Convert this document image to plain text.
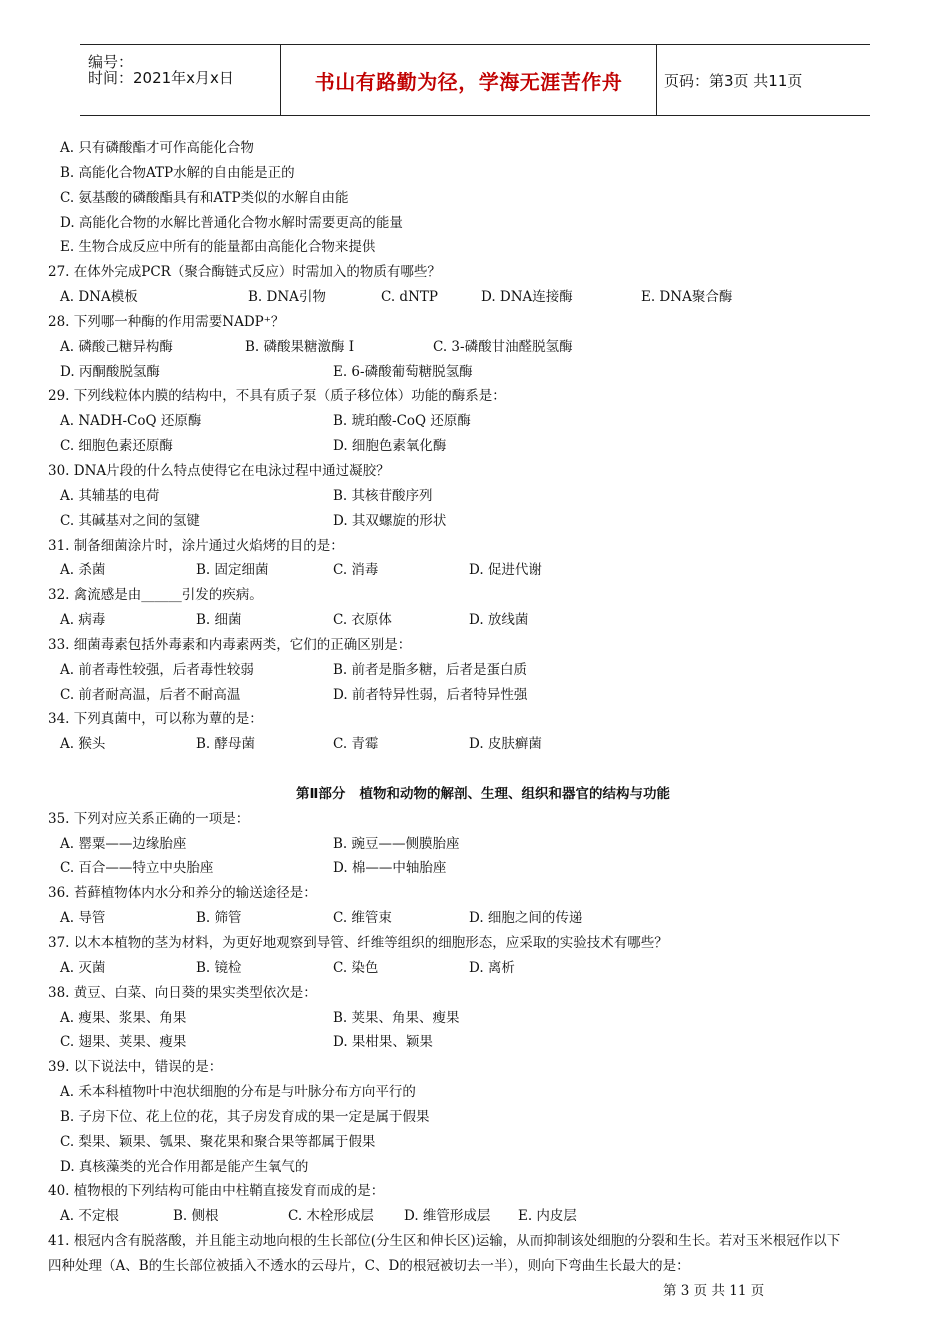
编号：
时间：2021年x月x日	书山有路勤为径，学海无涯苦作舟	页码：第3页 共11页
A. 只有磷酸酯才可作高能化合物
B. 高能化合物ATP水解的自由能是正的
C. 氨基酸的磷酸酯具有和ATP类似的水解自由能
D. 高能化合物的水解比普通化合物水解时需要更高的能量
E. 生物合成反应中所有的能量都由高能化合物来提供
27. 在体外完成PCR（聚合酶链式反应）时需加入的物质有哪些？
A. DNA模板	B. DNA引物	C. dNTP	D. DNA连接酶	E. DNA聚合酶
28. 下列哪一种酶的作用需要NADP⁺？
A. 磷酸己糖异构酶	B. 磷酸果糖激酶 I	C. 3-磷酸甘油醛脱氢酶
D. 丙酮酸脱氢酶	E. 6-磷酸葡萄糖脱氢酶
29. 下列线粒体内膜的结构中，不具有质子泵（质子移位体）功能的酶系是：
A. NADH-CoQ 还原酶	B. 琥珀酸-CoQ 还原酶
C. 细胞色素还原酶	D. 细胞色素氧化酶
30. DNA片段的什么特点使得它在电泳过程中通过凝胶？
A. 其辅基的电荷	B. 其核苷酸序列
C. 其碱基对之间的氢键	D. 其双螺旋的形状
31. 制备细菌涂片时，涂片通过火焰烤的目的是：
A. 杀菌	B. 固定细菌	C. 消毒	D. 促进代谢
32. 禽流感是由______引发的疾病。
A. 病毒	B. 细菌	C. 衣原体	D. 放线菌
33. 细菌毒素包括外毒素和内毒素两类，它们的正确区别是：
A. 前者毒性较强，后者毒性较弱	B. 前者是脂多糖，后者是蛋白质
C. 前者耐高温，后者不耐高温	D. 前者特异性弱，后者特异性强
34. 下列真菌中，可以称为蕈的是：
A. 猴头	B. 酵母菌	C. 青霉	D. 皮肤癣菌
第Ⅱ部分   植物和动物的解剖、生理、组织和器官的结构与功能
35. 下列对应关系正确的一项是：
A. 罂粟——边缘胎座	B. 豌豆——侧膜胎座
C. 百合——特立中央胎座	D. 棉——中轴胎座
36. 苔藓植物体内水分和养分的输送途径是：
A. 导管	B. 筛管	C. 维管束	D. 细胞之间的传递
37. 以木本植物的茎为材料，为更好地观察到导管、纤维等组织的细胞形态，应采取的实验技术有哪些？
A. 灭菌	B. 镜检	C. 染色	D. 离析
38. 黄豆、白菜、向日葵的果实类型依次是：
A. 瘦果、浆果、角果	B. 荚果、角果、瘦果
C. 翅果、荚果、瘦果	D. 果柑果、颖果
39. 以下说法中，错误的是：
A. 禾本科植物叶中泡状细胞的分布是与叶脉分布方向平行的
B. 子房下位、花上位的花，其子房发育成的果一定是属于假果
C. 梨果、颖果、瓠果、聚花果和聚合果等都属于假果
D. 真核藻类的光合作用都是能产生氧气的
40. 植物根的下列结构可能由中柱鞘直接发育而成的是：
A. 不定根	B. 侧根	C. 木栓形成层 D. 维管形成层 E. 内皮层
41. 根冠内含有脱落酸，并且能主动地向根的生长部位(分生区和伸长区)运输，从而抑制该处细胞的分裂和生长。若对玉米根冠作以下
四种处理（A、B的生长部位被插入不透水的云母片，C、D的根冠被切去一半），则向下弯曲生长最大的是：
第 3 页 共 11 页
